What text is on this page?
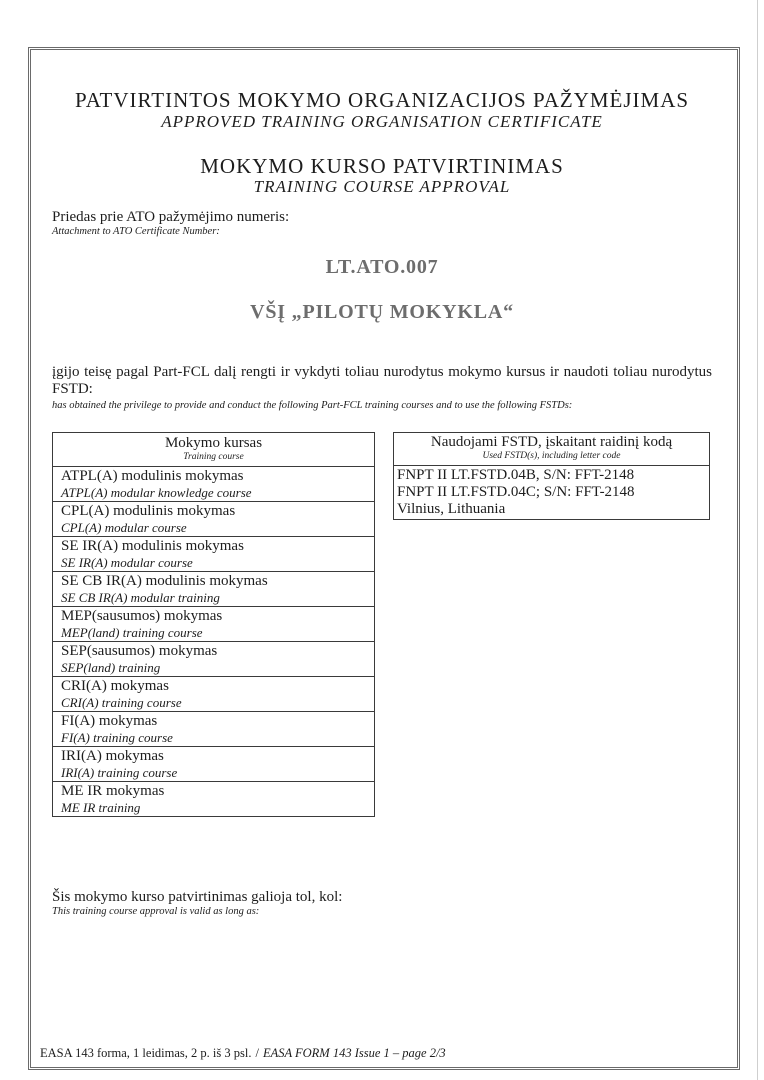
PATVIRTINTOS MOKYMO ORGANIZACIJOS PAŽYMĖJIMAS
APPROVED TRAINING ORGANISATION CERTIFICATE
MOKYMO KURSO PATVIRTINIMAS
TRAINING COURSE APPROVAL
Priedas prie ATO pažymėjimo numeris:
Attachment to ATO Certificate Number:
LT.ATO.007
VŠĮ „PILOTŲ MOKYKLA“
įgijo teisę pagal Part-FCL dalį rengti ir vykdyti toliau nurodytus mokymo kursus ir naudoti toliau nurodytus FSTD:
has obtained the privilege to provide and conduct the following Part-FCL training courses and to use the following FSTDs:
Mokymo kursas
Training course
ATPL(A) modulinis mokymas
ATPL(A) modular knowledge course
CPL(A) modulinis mokymas
CPL(A) modular course
SE IR(A) modulinis mokymas
SE IR(A) modular course
SE CB IR(A) modulinis mokymas
SE CB IR(A) modular training
MEP(sausumos) mokymas
MEP(land) training course
SEP(sausumos) mokymas
SEP(land) training
CRI(A) mokymas
CRI(A) training course
FI(A) mokymas
FI(A) training course
IRI(A) mokymas
IRI(A) training course
ME IR mokymas
ME IR training
Naudojami FSTD, įskaitant raidinį kodą
Used FSTD(s), including letter code
FNPT II LT.FSTD.04B, S/N: FFT-2148
FNPT II LT.FSTD.04C; S/N: FFT-2148
Vilnius, Lithuania
Šis mokymo kurso patvirtinimas galioja tol, kol:
This training course approval is valid as long as:
EASA 143 forma, 1 leidimas, 2 p. iš 3 psl. / EASA FORM 143 Issue 1 – page 2/3
